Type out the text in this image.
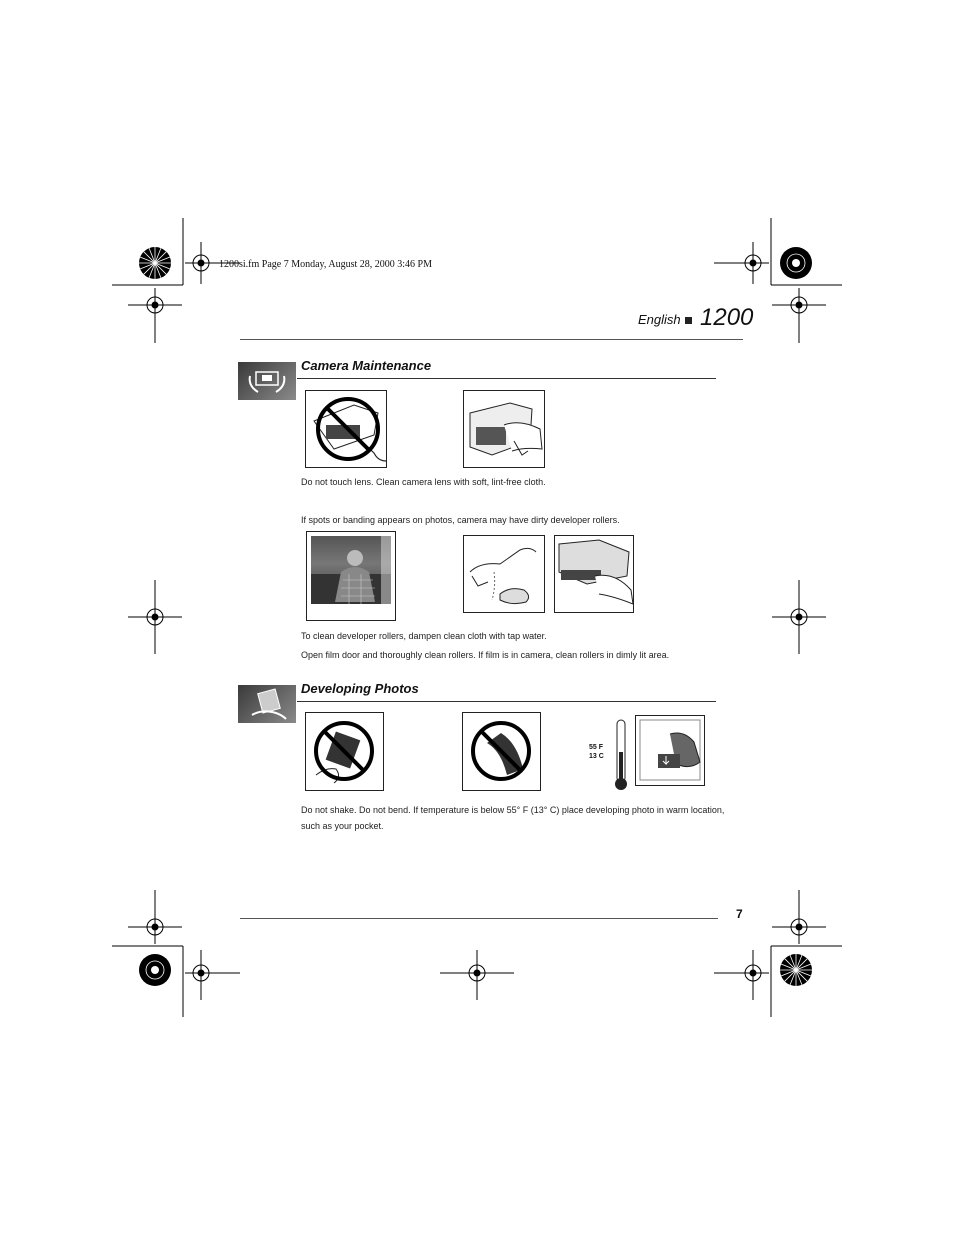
1200si.fm Page 7 Monday, August 28, 2000 3:46 PM
English 1200
Camera Maintenance
Do not touch lens. Clean camera lens with soft, lint-free cloth.
If spots or banding appears on photos, camera may have dirty developer rollers.
To clean developer rollers, dampen clean cloth with tap water.
Open film door and thoroughly clean rollers. If film is in camera, clean rollers in dimly lit area.
Developing Photos
55 F
13 C
Do not shake. Do not bend. If temperature is below 55° F (13° C) place developing photo in warm location,
such as your pocket.
7
